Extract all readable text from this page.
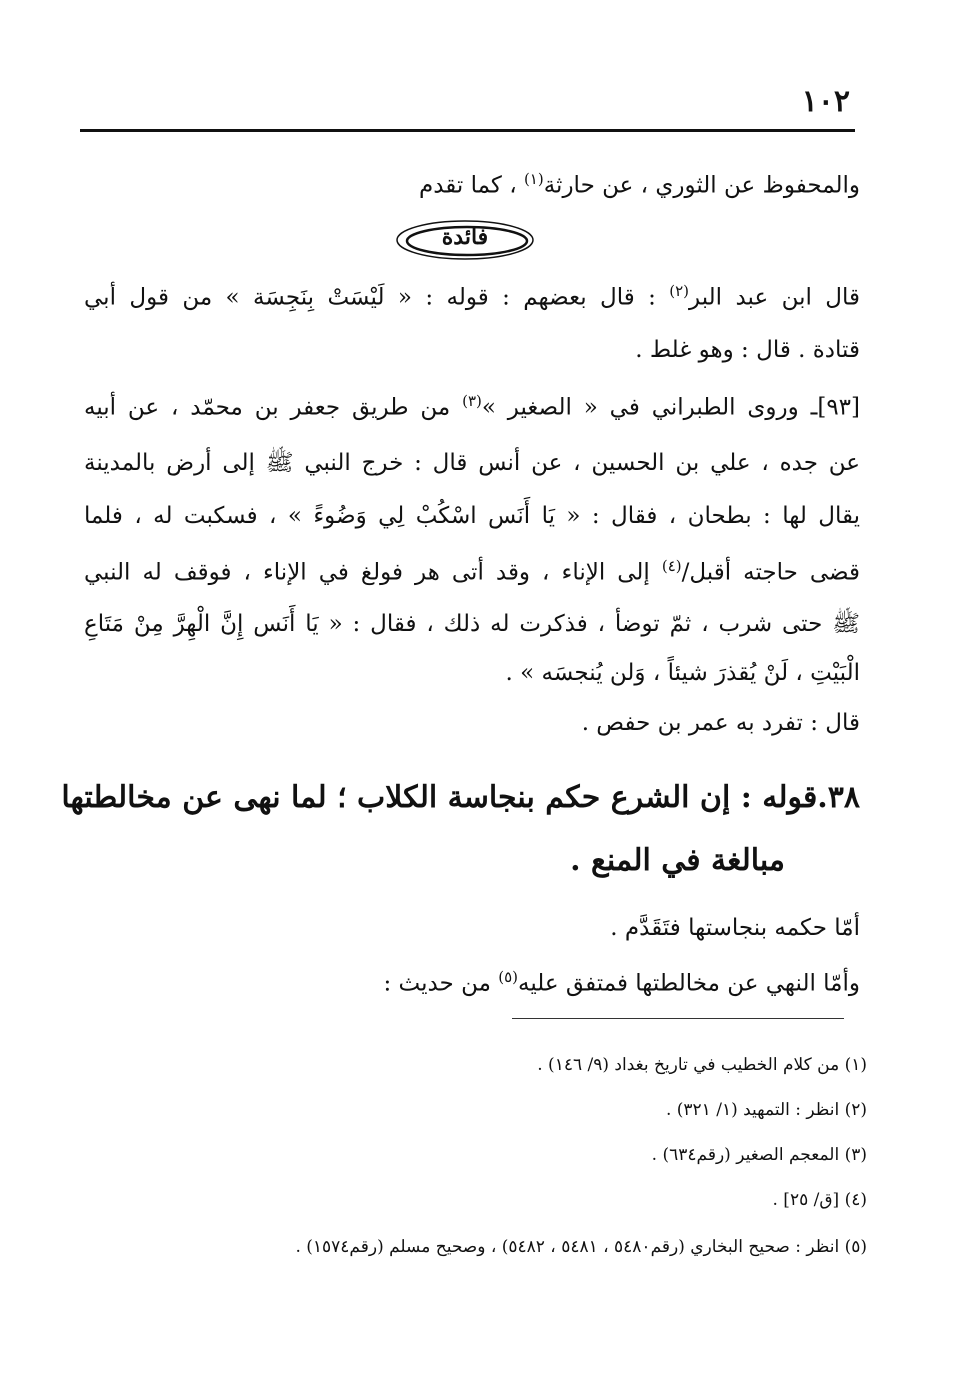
١٠٢
والمحفوظ عن الثوري ، عن حارثة$^{(١)}$ ، كما تقدم
فائدة
قال ابن عبد البر$^{(٢)}$ : قال بعضهم : قوله : « لَيْسَتْ بِنَجِسَة » من قول أبي
قتادة . قال : وهو غلط .
[٩٣]ـ وروى الطبراني في « الصغير »$^{(٣)}$ من طريق جعفر بن محمّد ، عن أبيه
عن جده ، علي بن الحسين ، عن أنس قال : خرج النبي ﷺ إلى أرض بالمدينة
يقال لها : بطحان ، فقال : « يَا أَنَس اسْكُبْ لِي وَضُوءً » ، فسكبت له ، فلما
قضى حاجته أقبل/$^{(٤)}$ إلى الإناء ، وقد أتى هر فولغ في الإناء ، فوقف له النبي
ﷺ حتى شرب ، ثمّ توضأ ، فذكرت له ذلك ، فقال : « يَا أَنَس إِنَّ الْهِرَّ مِنْ مَتَاعِ
الْبَيْتِ ، لَنْ يُقذرَ شيئاً ، وَلن يُنجسَه » .
قال : تفرد به عمر بن حفص .
٣٨.قوله : إن الشرع حكم بنجاسة الكلاب ؛ لما نهى عن مخالطتها
مبالغة في المنع .
أمّا حكمه بنجاستها فتَقَدَّم .
وأمّا النهي عن مخالطتها فمتفق عليه$^{(٥)}$ من حديث :
(١) من كلام الخطيب في تاريخ بغداد (٩/ ١٤٦) .
(٢) انظر : التمهيد (١/ ٣٢١) .
(٣) المعجم الصغير (رقم٦٣٤) .
(٤) [ق/ ٢٥] .
(٥) انظر : صحيح البخاري (رقم٥٤٨٠ ، ٥٤٨١ ، ٥٤٨٢) ، وصحيح مسلم (رقم١٥٧٤) .
